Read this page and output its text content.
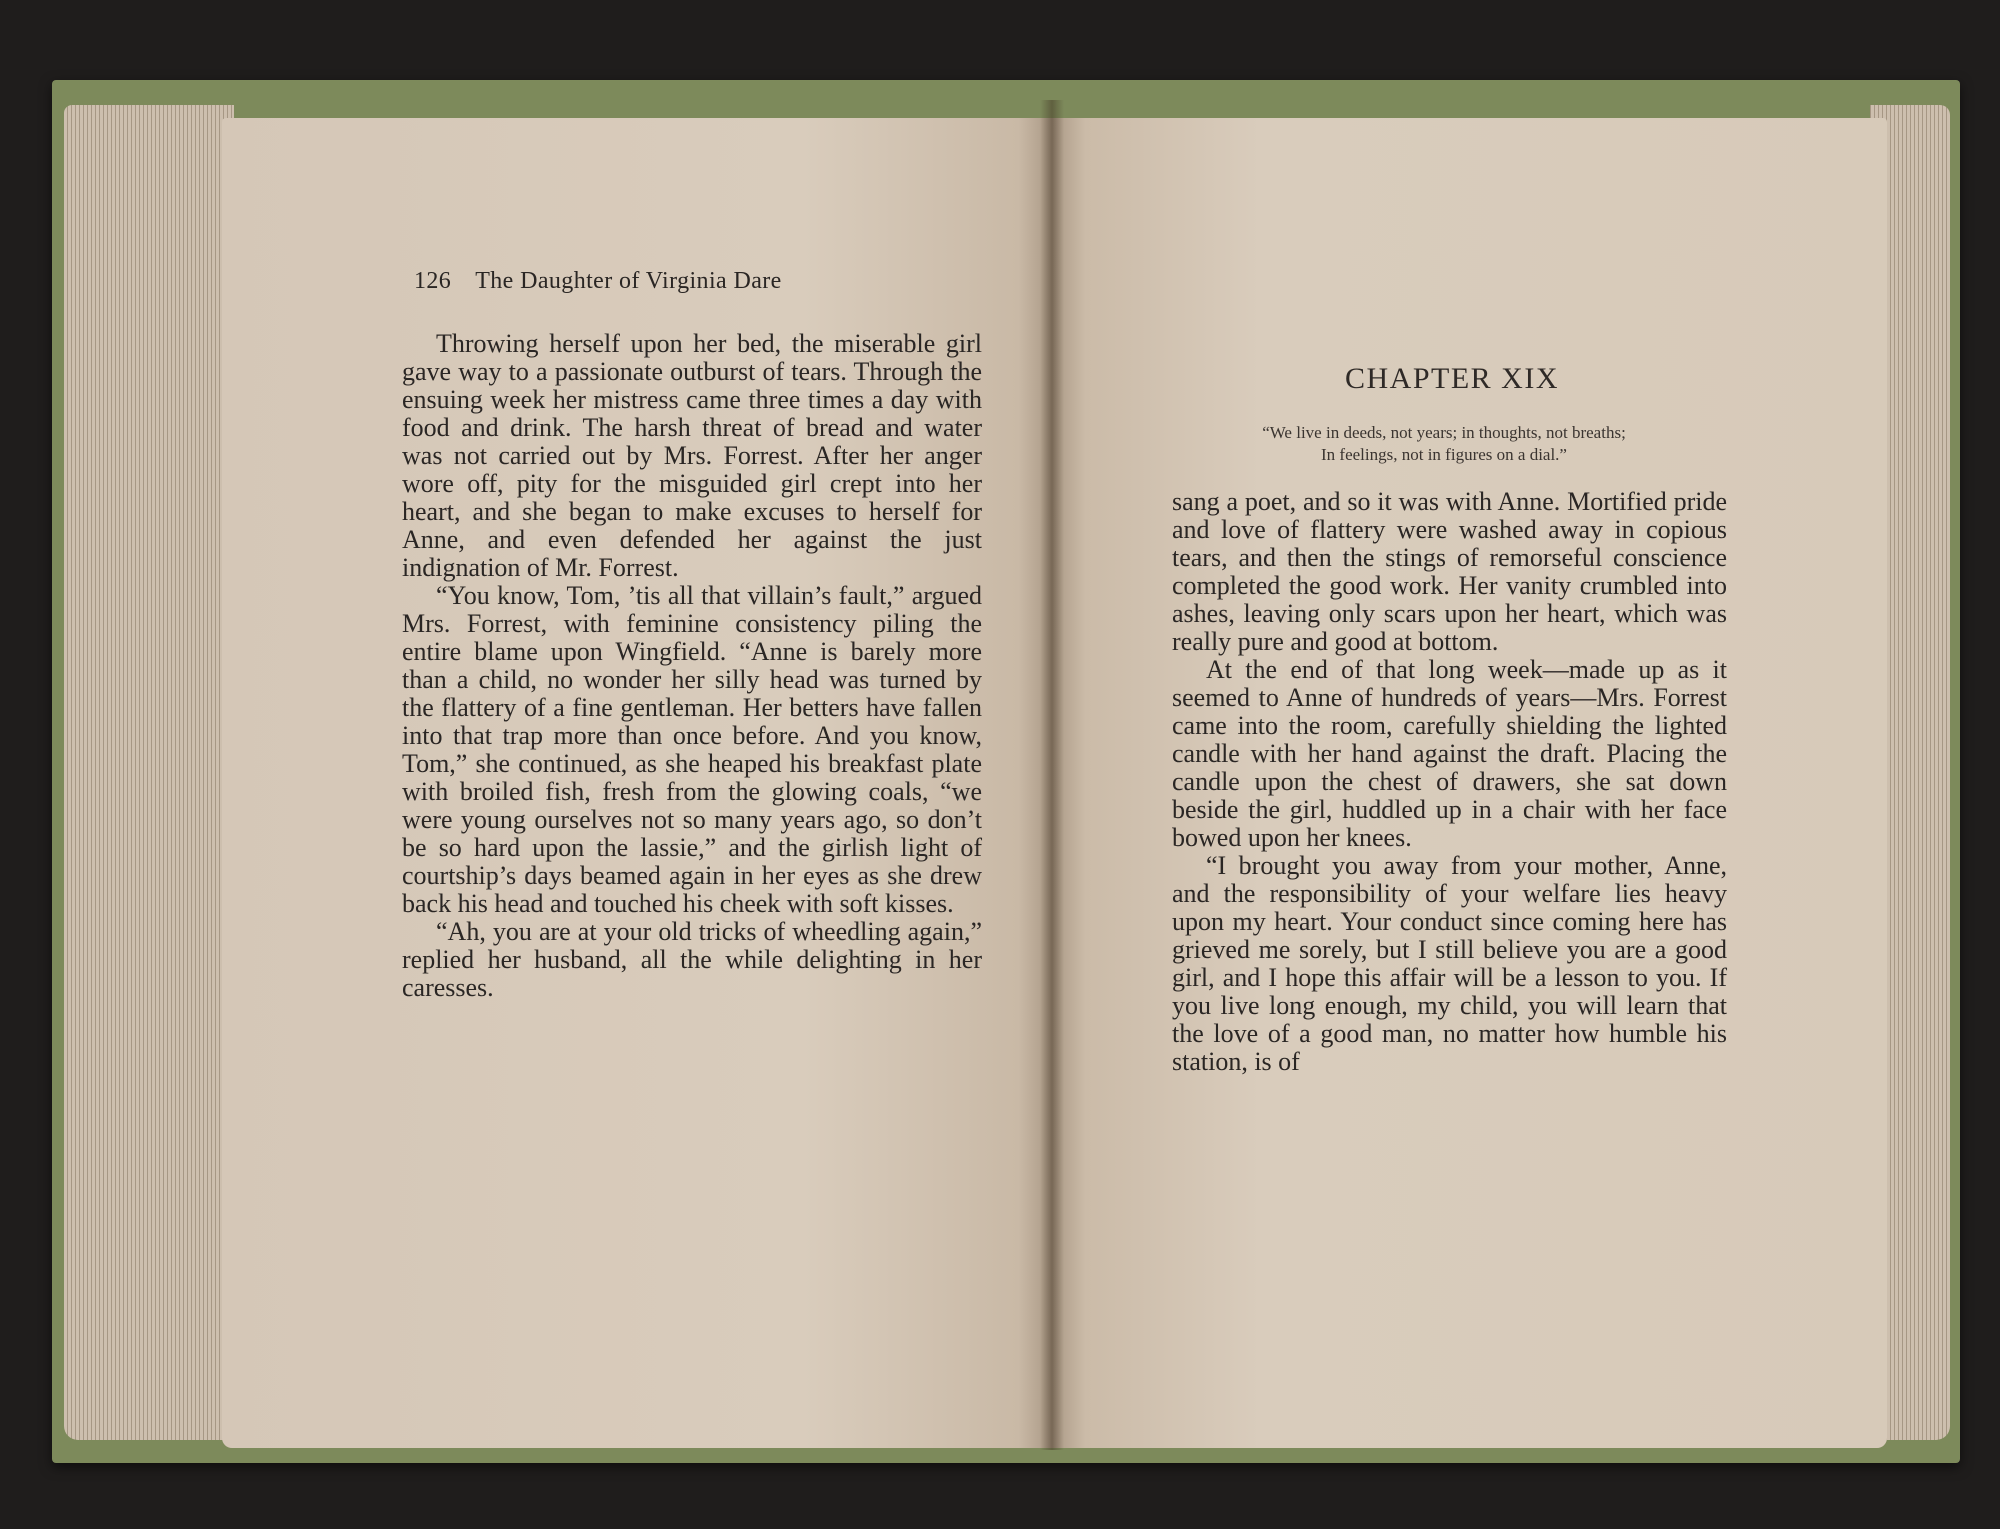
126 The Daughter of Virginia Dare

Throwing herself upon her bed, the miserable girl gave way to a passionate outburst of tears. Through the ensuing week her mistress came three times a day with food and drink. The harsh threat of bread and water was not carried out by Mrs. Forrest. After her anger wore off, pity for the misguided girl crept into her heart, and she began to make excuses to herself for Anne, and even defended her against the just indignation of Mr. Forrest.

“You know, Tom, ’tis all that villain’s fault,” argued Mrs. Forrest, with feminine consistency piling the entire blame upon Wingfield. “Anne is barely more than a child, no wonder her silly head was turned by the flattery of a fine gentleman. Her betters have fallen into that trap more than once before. And you know, Tom,” she continued, as she heaped his breakfast plate with broiled fish, fresh from the glowing coals, “we were young ourselves not so many years ago, so don’t be so hard upon the lassie,” and the girlish light of courtship’s days beamed again in her eyes as she drew back his head and touched his cheek with soft kisses.

“Ah, you are at your old tricks of wheedling again,” replied her husband, all the while delighting in her caresses.

CHAPTER XIX
“We live in deeds, not years; in thoughts, not breaths;
In feelings, not in figures on a dial.”

sang a poet, and so it was with Anne. Mortified pride and love of flattery were washed away in copious tears, and then the stings of remorseful conscience completed the good work. Her vanity crumbled into ashes, leaving only scars upon her heart, which was really pure and good at bottom.

At the end of that long week—made up as it seemed to Anne of hundreds of years—Mrs. Forrest came into the room, carefully shielding the lighted candle with her hand against the draft. Placing the candle upon the chest of drawers, she sat down beside the girl, huddled up in a chair with her face bowed upon her knees.

“I brought you away from your mother, Anne, and the responsibility of your welfare lies heavy upon my heart. Your conduct since coming here has grieved me sorely, but I still believe you are a good girl, and I hope this affair will be a lesson to you. If you live long enough, my child, you will learn that the love of a good man, no matter how humble his station, is of
